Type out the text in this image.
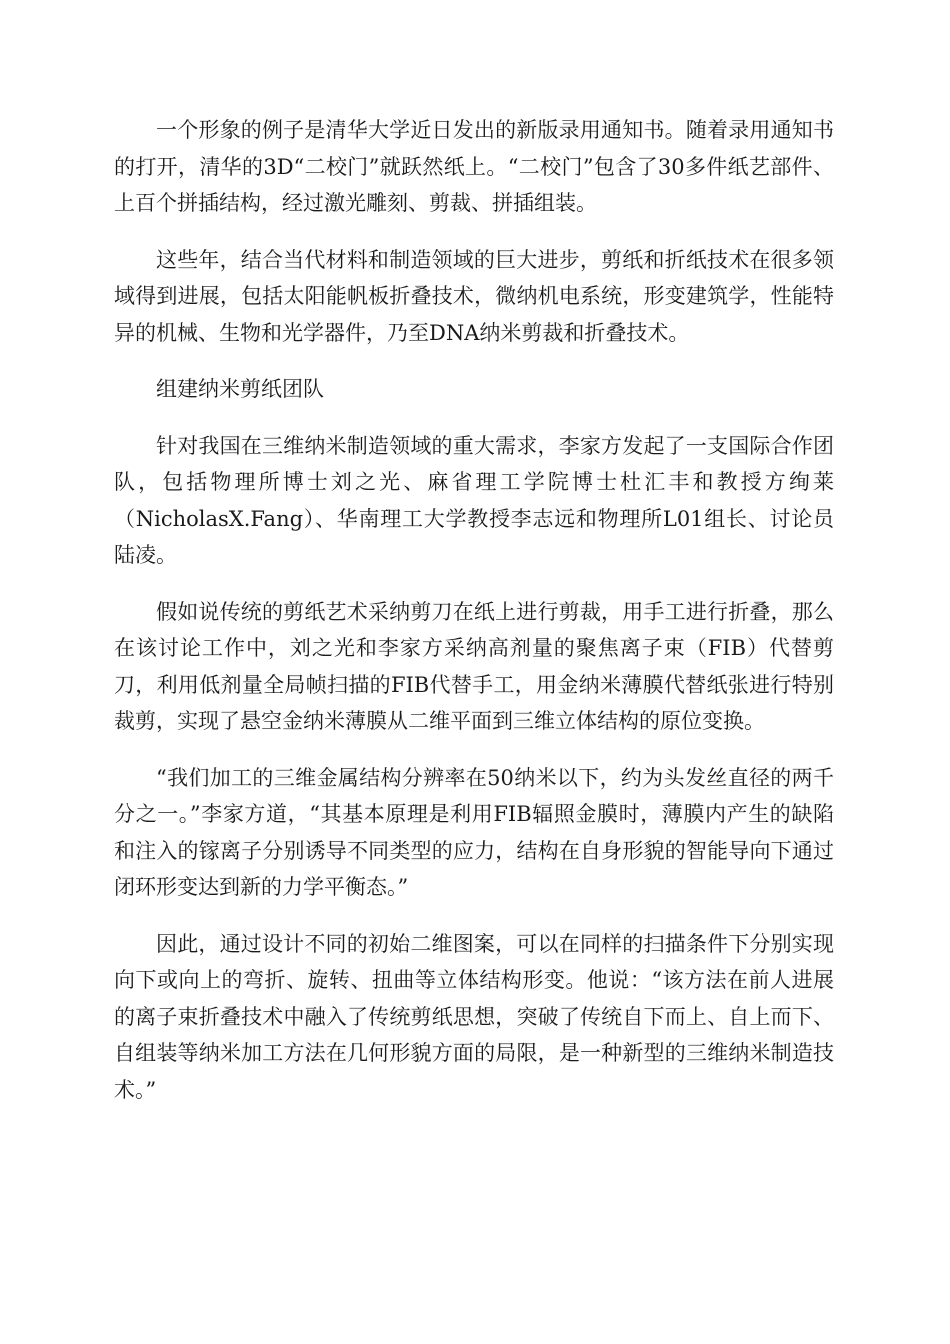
一个形象的例子是清华大学近日发出的新版录用通知书。随着录用通知书的打开，清华的3D“二校门”就跃然纸上。“二校门”包含了30多件纸艺部件、上百个拼插结构，经过激光雕刻、剪裁、拼插组装。

这些年，结合当代材料和制造领域的巨大进步，剪纸和折纸技术在很多领域得到进展，包括太阳能帆板折叠技术，微纳机电系统，形变建筑学，性能特异的机械、生物和光学器件，乃至DNA纳米剪裁和折叠技术。

组建纳米剪纸团队

针对我国在三维纳米制造领域的重大需求，李家方发起了一支国际合作团队，包括物理所博士刘之光、麻省理工学院博士杜汇丰和教授方绚莱（NicholasX.Fang）、华南理工大学教授李志远和物理所L01组长、讨论员陆凌。

假如说传统的剪纸艺术采纳剪刀在纸上进行剪裁，用手工进行折叠，那么在该讨论工作中，刘之光和李家方采纳高剂量的聚焦离子束（FIB）代替剪刀，利用低剂量全局帧扫描的FIB代替手工，用金纳米薄膜代替纸张进行特别裁剪，实现了悬空金纳米薄膜从二维平面到三维立体结构的原位变换。

“我们加工的三维金属结构分辨率在50纳米以下，约为头发丝直径的两千分之一。”李家方道，“其基本原理是利用FIB辐照金膜时，薄膜内产生的缺陷和注入的镓离子分别诱导不同类型的应力，结构在自身形貌的智能导向下通过闭环形变达到新的力学平衡态。”

因此，通过设计不同的初始二维图案，可以在同样的扫描条件下分别实现向下或向上的弯折、旋转、扭曲等立体结构形变。他说：“该方法在前人进展的离子束折叠技术中融入了传统剪纸思想，突破了传统自下而上、自上而下、自组装等纳米加工方法在几何形貌方面的局限，是一种新型的三维纳米制造技术。”
